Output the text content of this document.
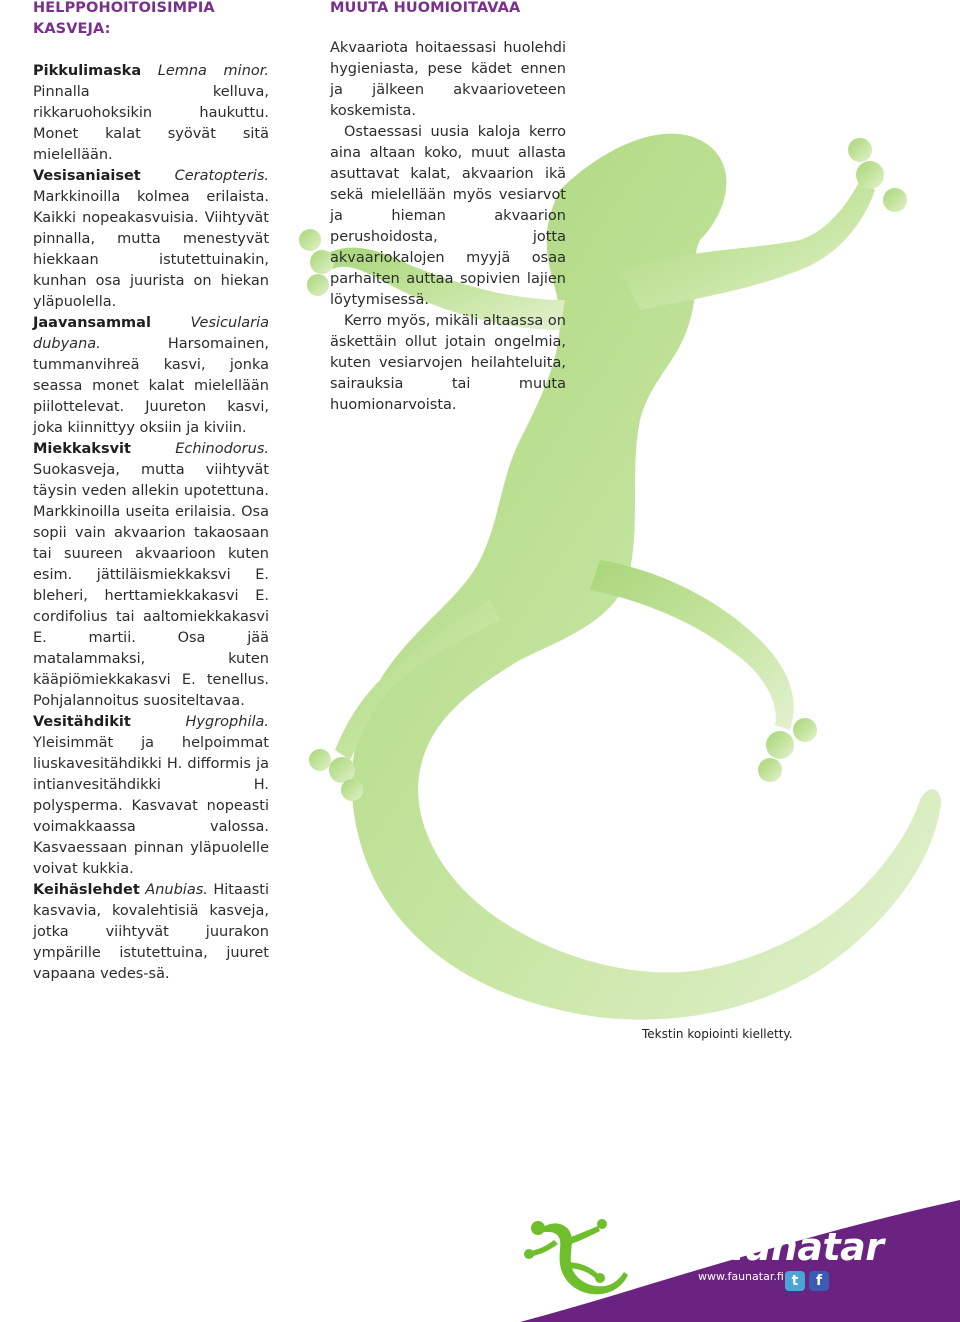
HELPPOHOITOISIMPIA
KASVEJA:

Pikkulimaska Lemna minor. Pinnalla kelluva, rikkaruohoksikin haukuttu. Monet kalat syövät sitä mielellään.

Vesisaniaiset Ceratopteris. Markkinoilla kolmea erilaista. Kaikki nopeakasvuisia. Viihtyvät pinnalla, mutta menestyvät hiekkaan istutettuinakin, kunhan osa juurista on hiekan yläpuolella.

Jaavansammal	Vesicularia dubyana. Harsomainen, tummanvihreä kasvi, jonka seassa monet kalat mielellään piilottelevat. Juureton kasvi, joka kiinnittyy oksiin ja kiviin.

Miekkaksvit	Echinodorus. Suokasveja, mutta viihtyvät täysin veden allekin upotettuna. Markkinoilla useita erilaisia. Osa sopii vain akvaarion takaosaan tai suureen akvaarioon kuten esim. jättiläismiekkaksvi E. bleheri, herttamiekkakasvi E. cordifolius tai aaltomiekkakasvi E. martii. Osa jää matalammaksi, kuten kääpiömiekkakasvi E. tenellus. Pohjalannoitus suositeltavaa.

Vesitähdikit	Hygrophila. Yleisimmät ja helpoimmat liuskavesitähdikki H. difformis ja intianvesitähdikki H. polysperma. Kasvavat nopeasti voimakkaassa valossa. Kasvaessaan pinnan yläpuolelle voivat kukkia.

Keihäslehdet Anubias. Hitaasti kasvavia, kovalehtisiä kasveja, jotka viihtyvät juurakon ympärille istutettuina, juuret vapaana vedes-sä.

MUUTA HUOMIOITAVAA

Akvaariota hoitaessasi huolehdi hygieniasta, pese kädet ennen ja jälkeen akvaarioveteen koskemista.

Ostaessasi uusia kaloja kerro aina altaan koko, muut allasta asuttavat kalat, akvaarion ikä sekä mielellään myös vesiarvot ja hieman akvaarion perushoidosta, jotta akvaariokalojen myyjä osaa parhaiten auttaa sopivien lajien löytymisessä.

Kerro myös, mikäli altaassa on äskettäin ollut jotain ongelmia, kuten vesiarvojen heilahteluita, sairauksia tai muuta huomionarvoista.

Tekstin kopiointi kielletty.
Faunatar
www.faunatar.fi t	f
